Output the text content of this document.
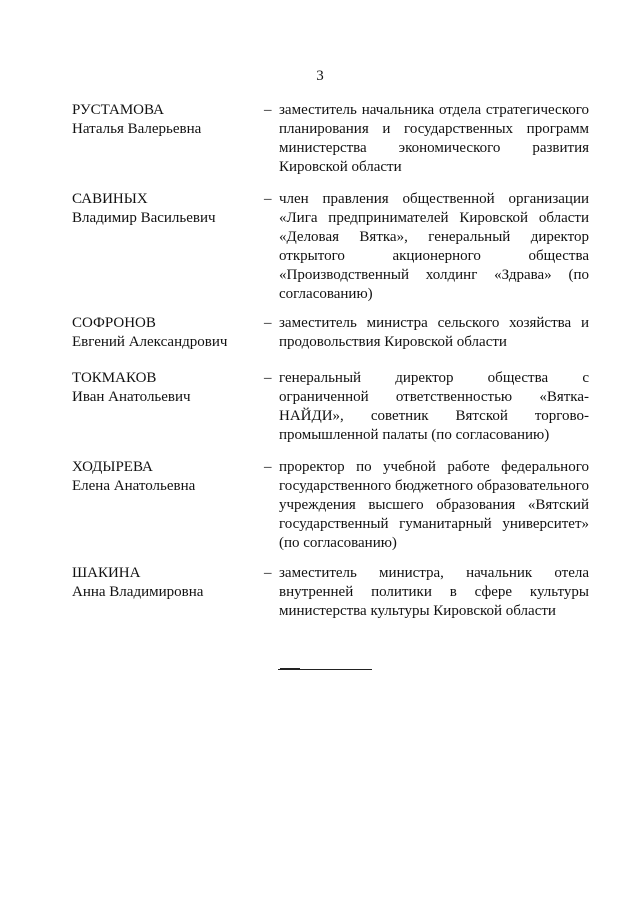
3
РУСТАМОВА
Наталья Валерьевна
– заместитель начальника отдела стратегического планирования и государственных программ министерства экономического развития Кировской области
САВИНЫХ
Владимир Васильевич
– член правления общественной организации «Лига предпринимателей Кировской области «Деловая Вятка», генеральный директор открытого акционерного общества «Производственный холдинг «Здрава» (по согласованию)
СОФРОНОВ
Евгений Александрович
– заместитель министра сельского хозяйства и продовольствия Кировской области
ТОКМАКОВ
Иван Анатольевич
– генеральный директор общества с ограниченной ответственностью «Вятка-НАЙДИ», советник Вятской торгово-промышленной палаты (по согласованию)
ХОДЫРЕВА
Елена Анатольевна
– проректор по учебной работе федерального государственного бюджетного образовательного учреждения высшего образования «Вятский государственный гуманитарный университет» (по согласованию)
ШАКИНА
Анна Владимировна
– заместитель министра, начальник отела внутренней политики в сфере культуры министерства культуры Кировской области
